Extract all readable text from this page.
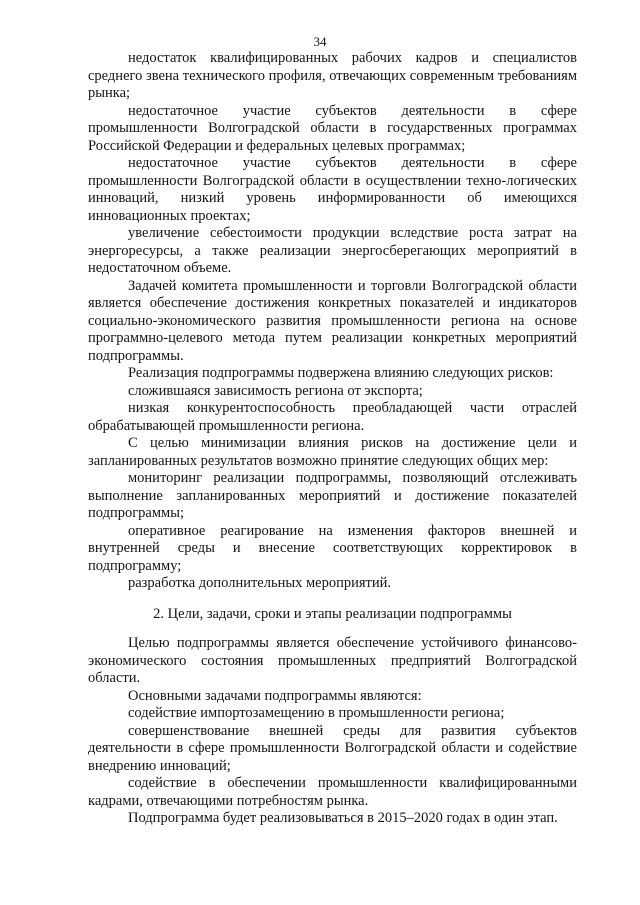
34

недостаток квалифицированных рабочих кадров и специалистов среднего звена технического профиля, отвечающих современным требованиям рынка;

недостаточное участие субъектов деятельности в сфере промышленности Волгоградской области в государственных программах Российской Федерации и федеральных целевых программах;

недостаточное участие субъектов деятельности в сфере промышленности Волгоградской области в осуществлении техно-логических инноваций, низкий уровень информированности об имеющихся инновационных проектах;

увеличение себестоимости продукции вследствие роста затрат на энергоресурсы, а также реализации энергосберегающих мероприятий в недостаточном объеме.

Задачей комитета промышленности и торговли Волгоградской области является обеспечение достижения конкретных показателей и индикаторов социально-экономического развития промышленности региона на основе программно-целевого метода путем реализации конкретных мероприятий подпрограммы.

Реализация подпрограммы подвержена влиянию следующих рисков:

сложившаяся зависимость региона от экспорта;

низкая конкурентоспособность преобладающей части отраслей обрабатывающей промышленности региона.

С целью минимизации влияния рисков на достижение цели и запланированных результатов возможно принятие следующих общих мер:

мониторинг реализации подпрограммы, позволяющий отслеживать выполнение запланированных мероприятий и достижение показателей подпрограммы;

оперативное реагирование на изменения факторов внешней и внутренней среды и внесение соответствующих корректировок в подпрограмму;

разработка дополнительных мероприятий.

2. Цели, задачи, сроки и этапы реализации подпрограммы

Целью подпрограммы является обеспечение устойчивого финансово-экономического состояния промышленных предприятий Волгоградской области.

Основными задачами подпрограммы являются:

содействие импортозамещению в промышленности региона;

совершенствование внешней среды для развития субъектов деятельности в сфере промышленности Волгоградской области и содействие внедрению инноваций;

содействие в обеспечении промышленности квалифицированными кадрами, отвечающими потребностям рынка.

Подпрограмма будет реализовываться в 2015–2020 годах в один этап.
